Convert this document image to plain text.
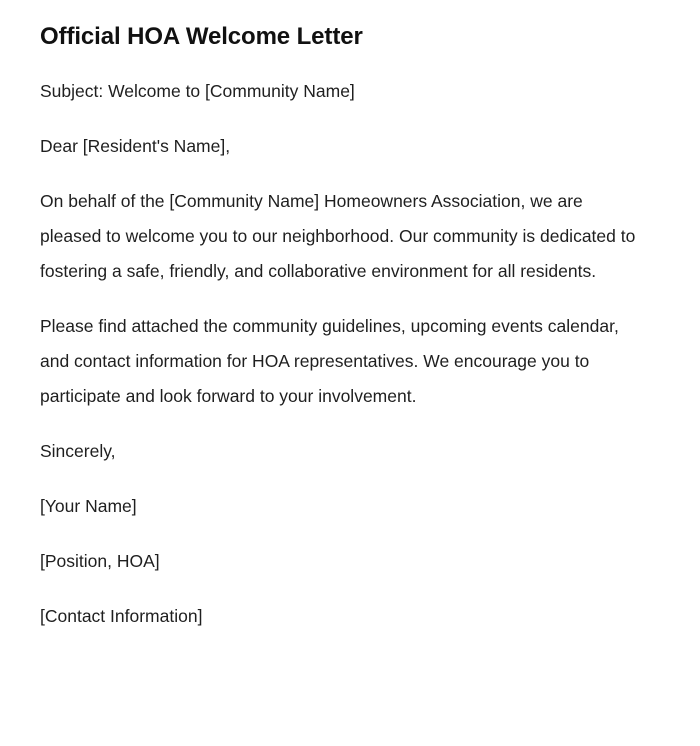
Official HOA Welcome Letter

Subject: Welcome to [Community Name]

Dear [Resident's Name],

On behalf of the [Community Name] Homeowners Association, we are pleased to welcome you to our neighborhood. Our community is dedicated to fostering a safe, friendly, and collaborative environment for all residents.

Please find attached the community guidelines, upcoming events calendar, and contact information for HOA representatives. We encourage you to participate and look forward to your involvement.

Sincerely,

[Your Name]

[Position, HOA]

[Contact Information]
